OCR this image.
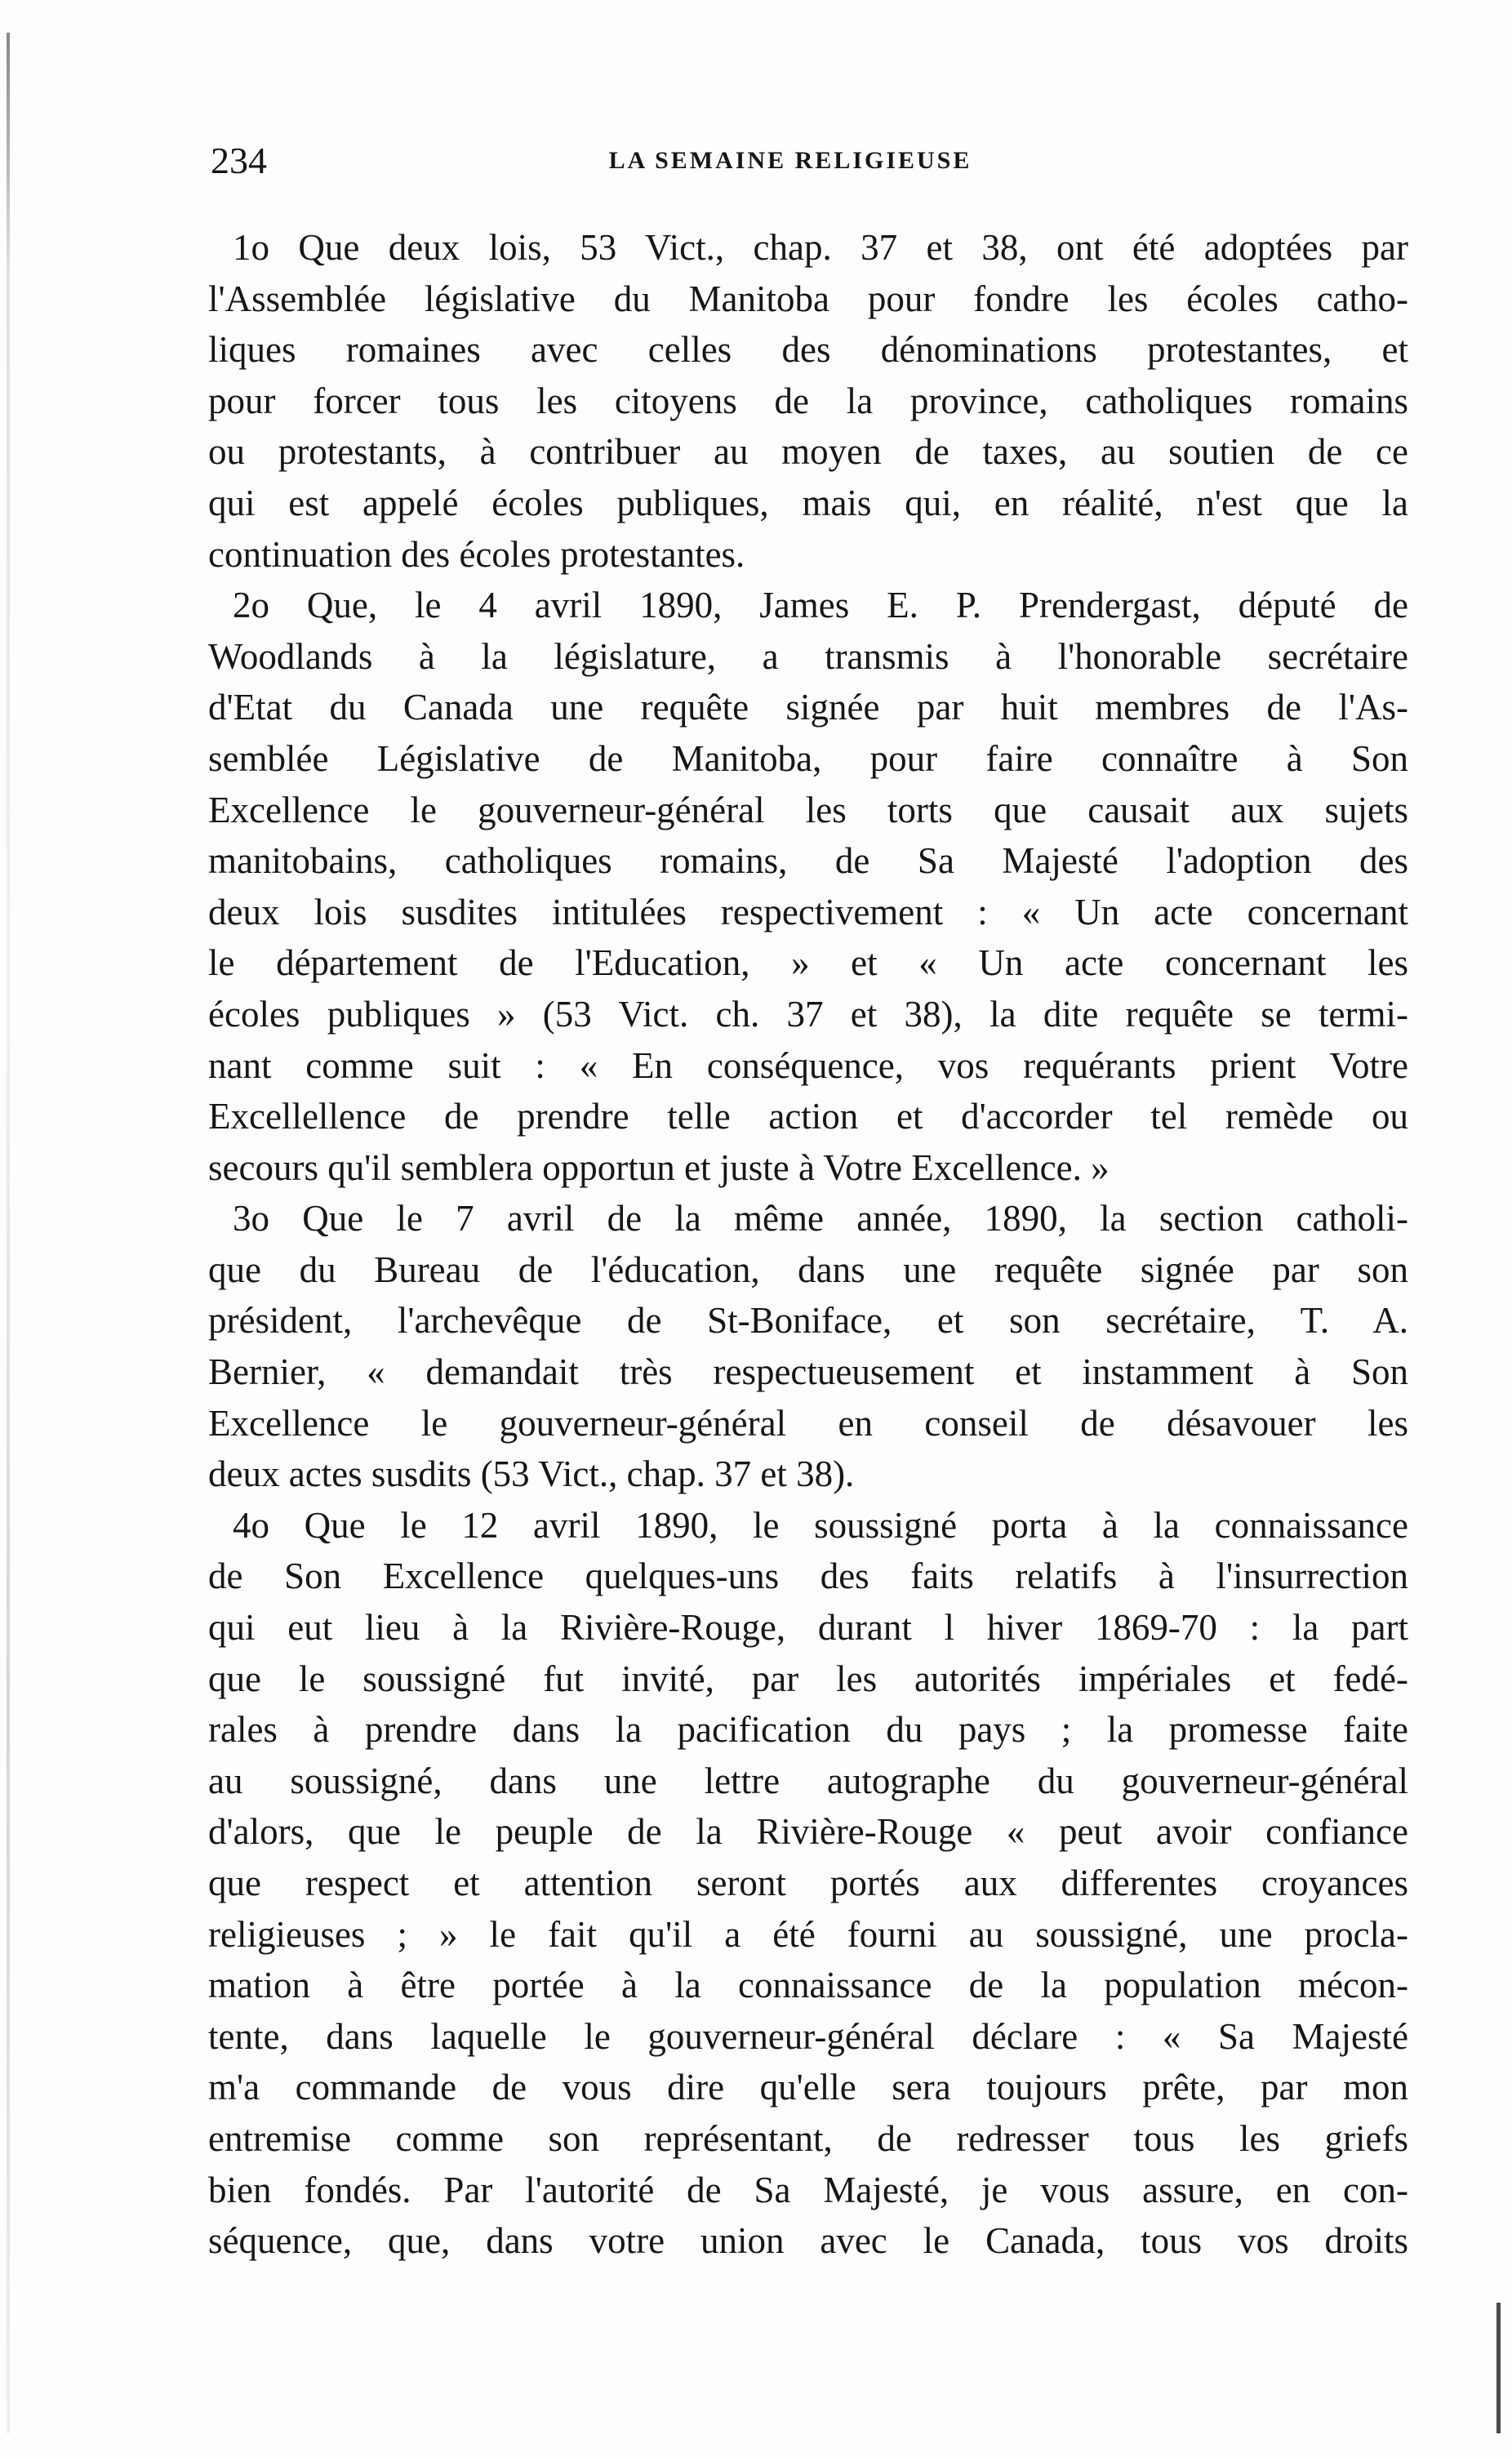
234	LA SEMAINE RELIGIEUSE
1o Que deux lois, 53 Vict., chap. 37 et 38, ont été adoptées par
l'Assemblée législative du Manitoba pour fondre les écoles catho-
liques romaines avec celles des dénominations protestantes, et
pour forcer tous les citoyens de la province, catholiques romains
ou protestants, à contribuer au moyen de taxes, au soutien de ce
qui est appelé écoles publiques, mais qui, en réalité, n'est que la
continuation des écoles protestantes.
2o Que, le 4 avril 1890, James E. P. Prendergast, député de
Woodlands à la législature, a transmis à l'honorable secrétaire
d'Etat du Canada une requête signée par huit membres de l'As-
semblée Législative de Manitoba, pour faire connaître à Son
Excellence le gouverneur-général les torts que causait aux sujets
manitobains, catholiques romains, de Sa Majesté l'adoption des
deux lois susdites intitulées respectivement : « Un acte concernant
le département de l'Education, » et « Un acte concernant les
écoles publiques » (53 Vict. ch. 37 et 38), la dite requête se termi-
nant comme suit : « En conséquence, vos requérants prient Votre
Excellellence de prendre telle action et d'accorder tel remède ou
secours qu'il semblera opportun et juste à Votre Excellence. »
3o Que le 7 avril de la même année, 1890, la section catholi-
que du Bureau de l'éducation, dans une requête signée par son
président, l'archevêque de St-Boniface, et son secrétaire, T. A.
Bernier, « demandait très respectueusement et instamment à Son
Excellence le gouverneur-général en conseil de désavouer les
deux actes susdits (53 Vict., chap. 37 et 38).
4o Que le 12 avril 1890, le soussigné porta à la connaissance
de Son Excellence quelques-uns des faits relatifs à l'insurrection
qui eut lieu à la Rivière-Rouge, durant l hiver 1869-70 : la part
que le soussigné fut invité, par les autorités impériales et fedé-
rales à prendre dans la pacification du pays ; la promesse faite
au soussigné, dans une lettre autographe du gouverneur-général
d'alors, que le peuple de la Rivière-Rouge « peut avoir confiance
que respect et attention seront portés aux differentes croyances
religieuses ; » le fait qu'il a été fourni au soussigné, une procla-
mation à être portée à la connaissance de la population mécon-
tente, dans laquelle le gouverneur-général déclare : « Sa Majesté
m'a commande de vous dire qu'elle sera toujours prête, par mon
entremise comme son représentant, de redresser tous les griefs
bien fondés. Par l'autorité de Sa Majesté, je vous assure, en con-
séquence, que, dans votre union avec le Canada, tous vos droits
